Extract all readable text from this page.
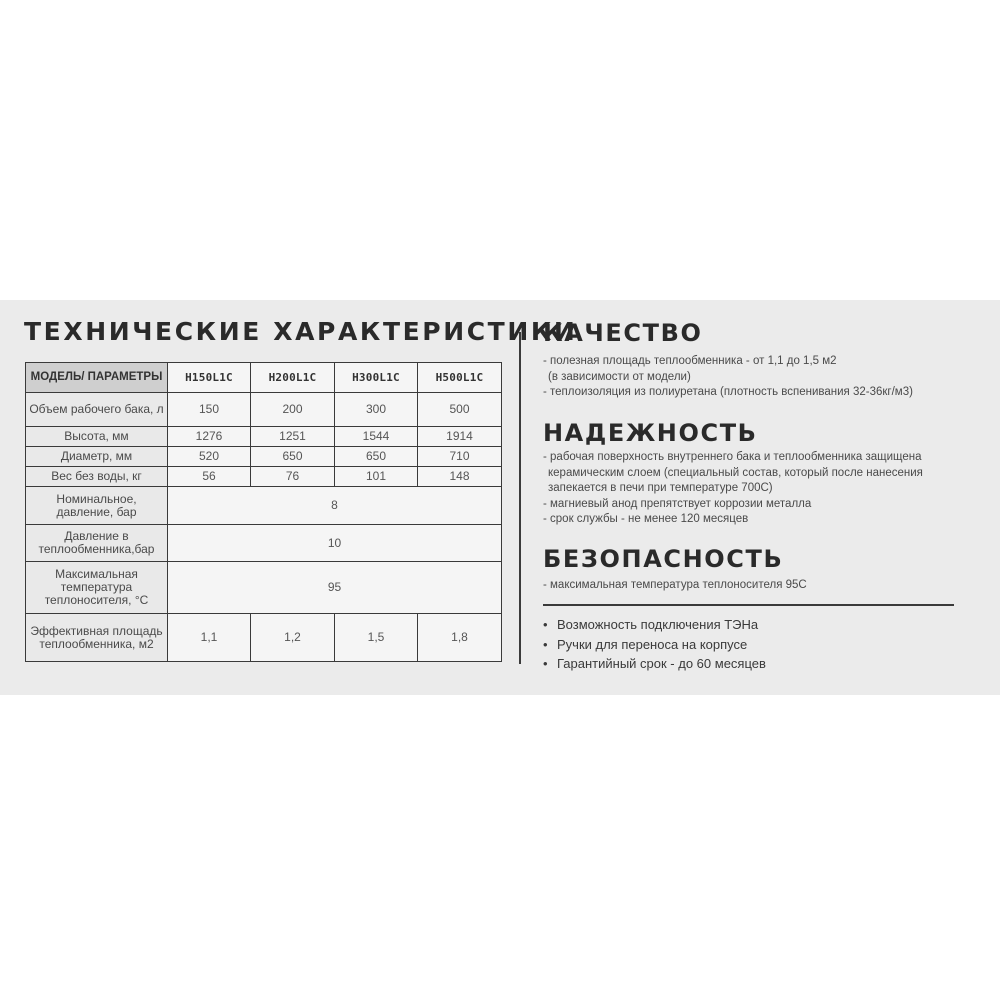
ТЕХНИЧЕСКИЕ ХАРАКТЕРИСТИКИ
МОДЕЛЬ/ ПАРАМЕТРЫ	H150L1C	H200L1C	H300L1C	H500L1C
Объем рабочего бака, л	150	200	300	500
Высота, мм	1276	1251	1544	1914
Диаметр, мм	520	650	650	710
Вес без воды, кг	56	76	101	148
Номинальное, давление, бар	8			
Давление в теплообменника,бар	10			
Максимальная температура теплоносителя, °С	95			
Эффективная площадь теплообменника, м2	1,1	1,2	1,5	1,8
КАЧЕСТВО
- полезная площадь теплообменника - от 1,1 до 1,5 м2
(в зависимости от модели)
- теплоизоляция из полиуретана (плотность вспенивания 32-36кг/м3)
НАДЕЖНОСТЬ
- рабочая поверхность внутреннего бака и теплообменника защищена
керамическим слоем (специальный состав, который после нанесения
запекается в печи при температуре 700С)
- магниевый анод препятствует коррозии металла
- срок службы - не менее 120 месяцев
БЕЗОПАСНОСТЬ
- максимальная температура теплоносителя 95С
• Возможность подключения ТЭНа
• Ручки для переноса на корпусе
• Гарантийный срок - до 60 месяцев
